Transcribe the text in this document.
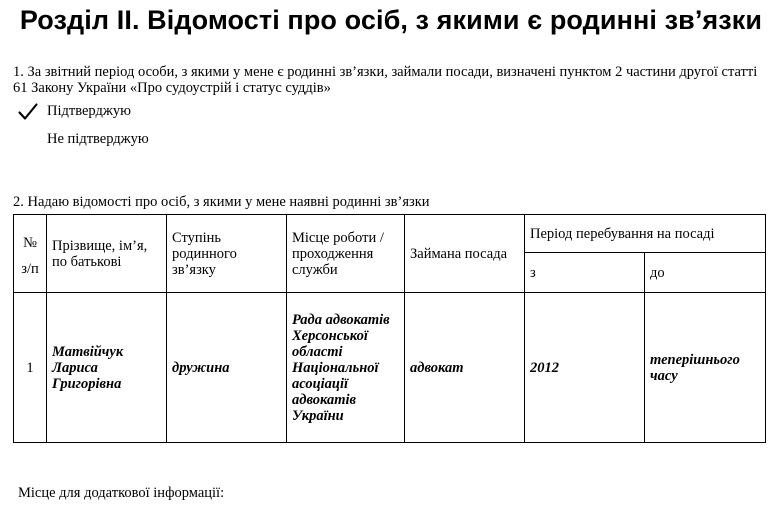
Розділ ІІ. Відомості про осіб, з якими є родинні зв’язки
1. За звітний період особи, з якими у мене є родинні зв’язки, займали посади, визначені пунктом 2 частини другої статті 61 Закону України «Про судоустрій і статус суддів»
Підтверджую
Не підтверджую
2. Надаю відомості про осіб, з якими у мене наявні родинні зв’язки
№
з/п	Прізвище, ім’я, по батькові	Ступінь родинного зв’язку	Місце роботи /проходження служби	Займана посада	Період перебування на посаді	
					з	до
1	Матвійчук Лариса Григорівна	дружина	Рада адвокатів Херсонської області Національної асоціації адвокатів України	адвокат	2012	теперішнього часу
Місце для додаткової інформації:
